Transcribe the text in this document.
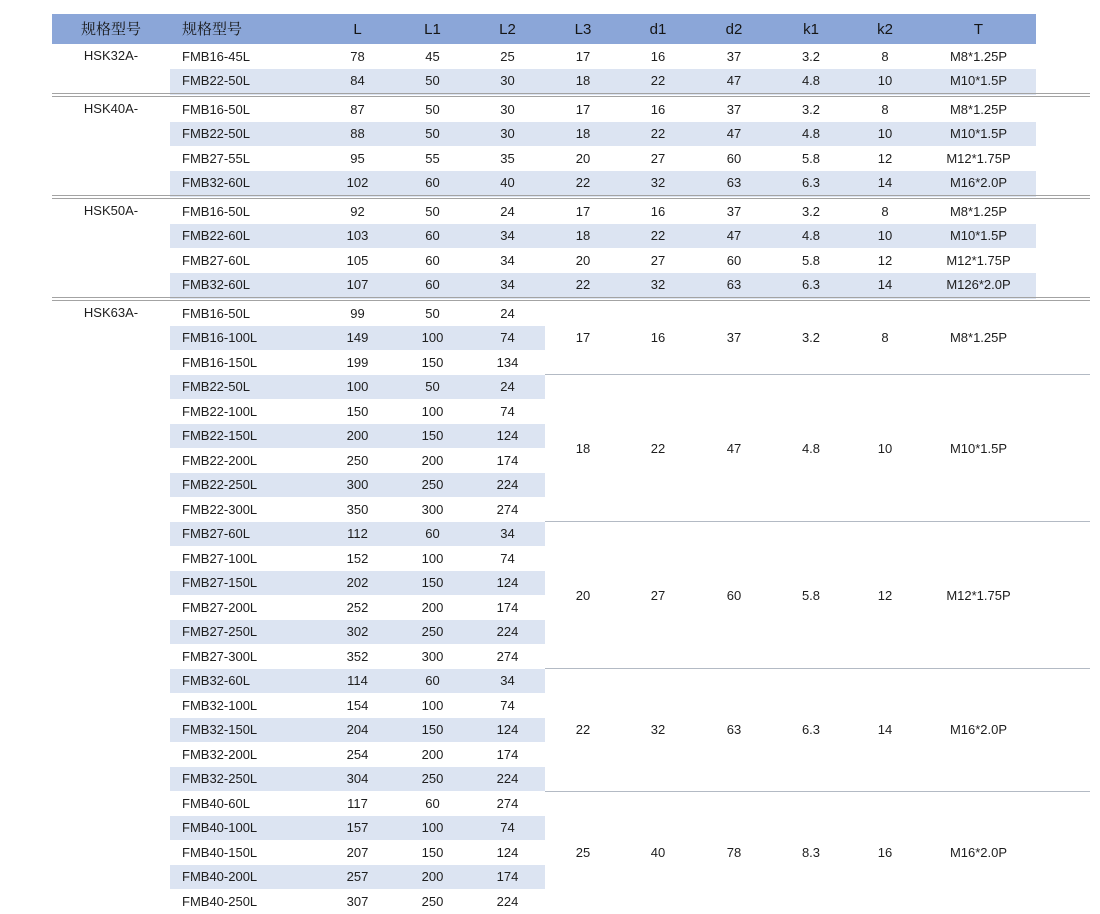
规格型号	规格型号	L	L1	L2	L3	d1	d2	k1	k2	T	
HSK32A-	FMB16-45L	78	45	25	17	16	37	3.2	8	M8*1.25P	
	FMB22-50L	84	50	30	18	22	47	4.8	10	M10*1.5P	
HSK40A-	FMB16-50L	87	50	30	17	16	37	3.2	8	M8*1.25P	
	FMB22-50L	88	50	30	18	22	47	4.8	10	M10*1.5P	
	FMB27-55L	95	55	35	20	27	60	5.8	12	M12*1.75P	
	FMB32-60L	102	60	40	22	32	63	6.3	14	M16*2.0P	
HSK50A-	FMB16-50L	92	50	24	17	16	37	3.2	8	M8*1.25P	
	FMB22-60L	103	60	34	18	22	47	4.8	10	M10*1.5P	
	FMB27-60L	105	60	34	20	27	60	5.8	12	M12*1.75P	
	FMB32-60L	107	60	34	22	32	63	6.3	14	M126*2.0P	
HSK63A-	FMB16-50L	99	50	24	17	16	37	3.2	8	M8*1.25P	
	FMB16-100L	149	100	74							
	FMB16-150L	199	150	134							
	FMB22-50L	100	50	24	18	22	47	4.8	10	M10*1.5P	
	FMB22-100L	150	100	74							
	FMB22-150L	200	150	124							
	FMB22-200L	250	200	174							
	FMB22-250L	300	250	224							
	FMB22-300L	350	300	274							
	FMB27-60L	112	60	34	20	27	60	5.8	12	M12*1.75P	
	FMB27-100L	152	100	74							
	FMB27-150L	202	150	124							
	FMB27-200L	252	200	174							
	FMB27-250L	302	250	224							
	FMB27-300L	352	300	274							
	FMB32-60L	114	60	34	22	32	63	6.3	14	M16*2.0P	
	FMB32-100L	154	100	74							
	FMB32-150L	204	150	124							
	FMB32-200L	254	200	174							
	FMB32-250L	304	250	224							
	FMB40-60L	117	60	274	25	40	78	8.3	16	M16*2.0P	
	FMB40-100L	157	100	74							
	FMB40-150L	207	150	124							
	FMB40-200L	257	200	174							
	FMB40-250L	307	250	224							
